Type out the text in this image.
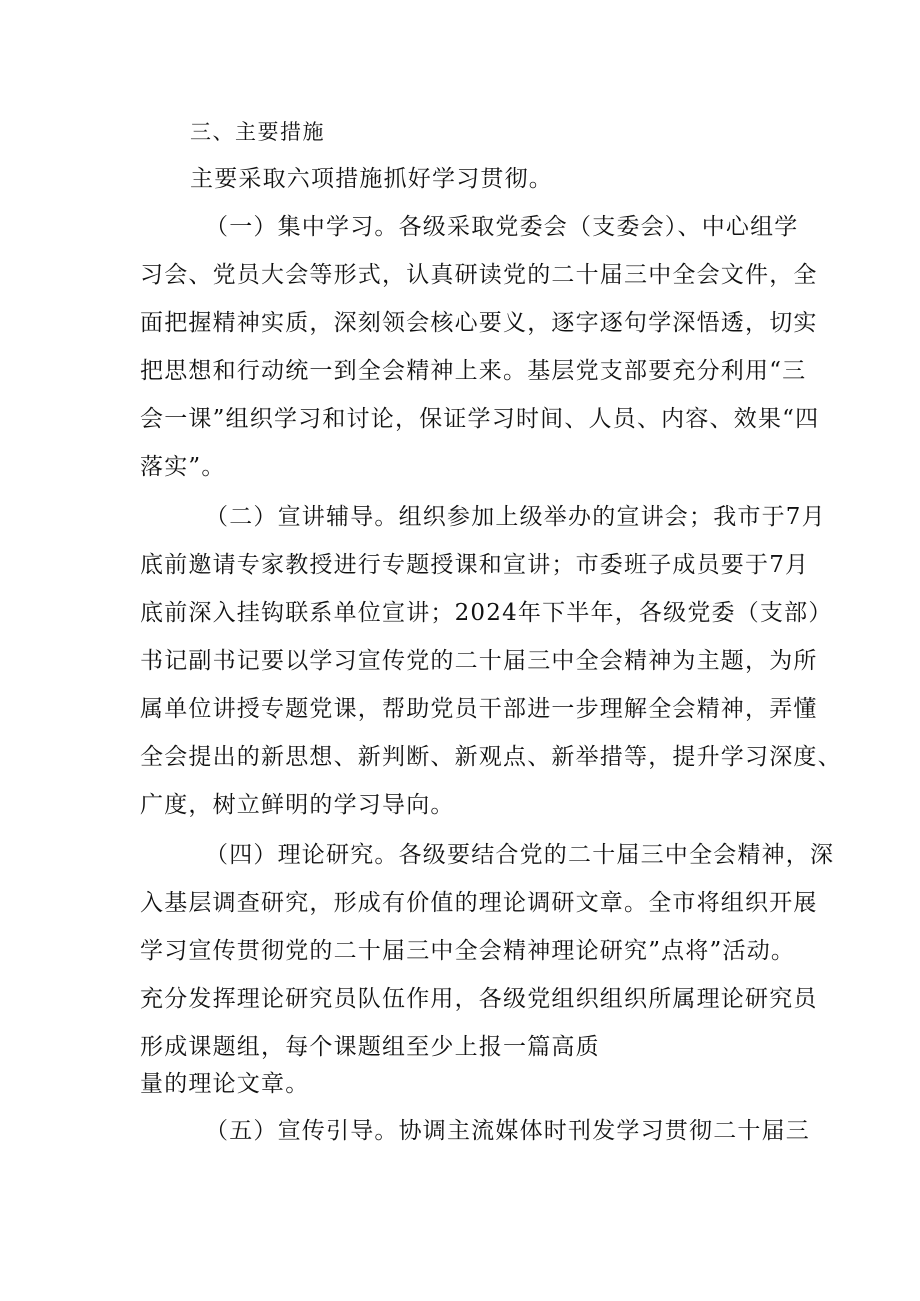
三、主要措施
主要采取六项措施抓好学习贯彻。
（一）集中学习。各级采取党委会（支委会）、中心组学
习会、党员大会等形式，认真研读党的二十届三中全会文件，全
面把握精神实质，深刻领会核心要义，逐字逐句学深悟透，切实
把思想和行动统一到全会精神上来。基层党支部要充分利用“三
会一课”组织学习和讨论，保证学习时间、人员、内容、效果“四
落实”。
（二）宣讲辅导。组织参加上级举办的宣讲会；我市于7月
底前邀请专家教授进行专题授课和宣讲；市委班子成员要于7月
底前深入挂钩联系单位宣讲；2024年下半年，各级党委（支部）
书记副书记要以学习宣传党的二十届三中全会精神为主题，为所
属单位讲授专题党课，帮助党员干部进一步理解全会精神，弄懂
全会提出的新思想、新判断、新观点、新举措等，提升学习深度、
广度，树立鲜明的学习导向。
（四）理论研究。各级要结合党的二十届三中全会精神，深
入基层调查研究，形成有价值的理论调研文章。全市将组织开展
学习宣传贯彻党的二十届三中全会精神理论研究”点将”活动。
充分发挥理论研究员队伍作用，各级党组织组织所属理论研究员
形成课题组，每个课题组至少上报一篇高质
量的理论文章。
（五）宣传引导。协调主流媒体时刊发学习贯彻二十届三
